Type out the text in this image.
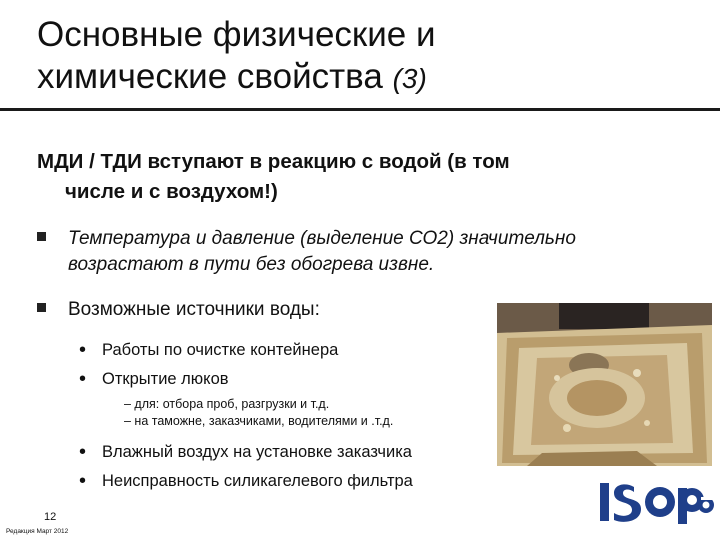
Основные физические и
химические свойства (3)
МДИ / ТДИ вступают в реакцию с водой (в том
числе и с воздухом!)
Температура и давление (выделение СО2) значительно
возрастают в пути без обогрева извне.
Возможные источники воды:
• Работы по очистке контейнера
• Открытие люков
– для: отбора проб, разгрузки и т.д.
– на таможне, заказчиками, водителями и .т.д.
• Влажный воздух на установке заказчика
• Неисправность силикагелевого фильтра
12
Редакция Март 2012
